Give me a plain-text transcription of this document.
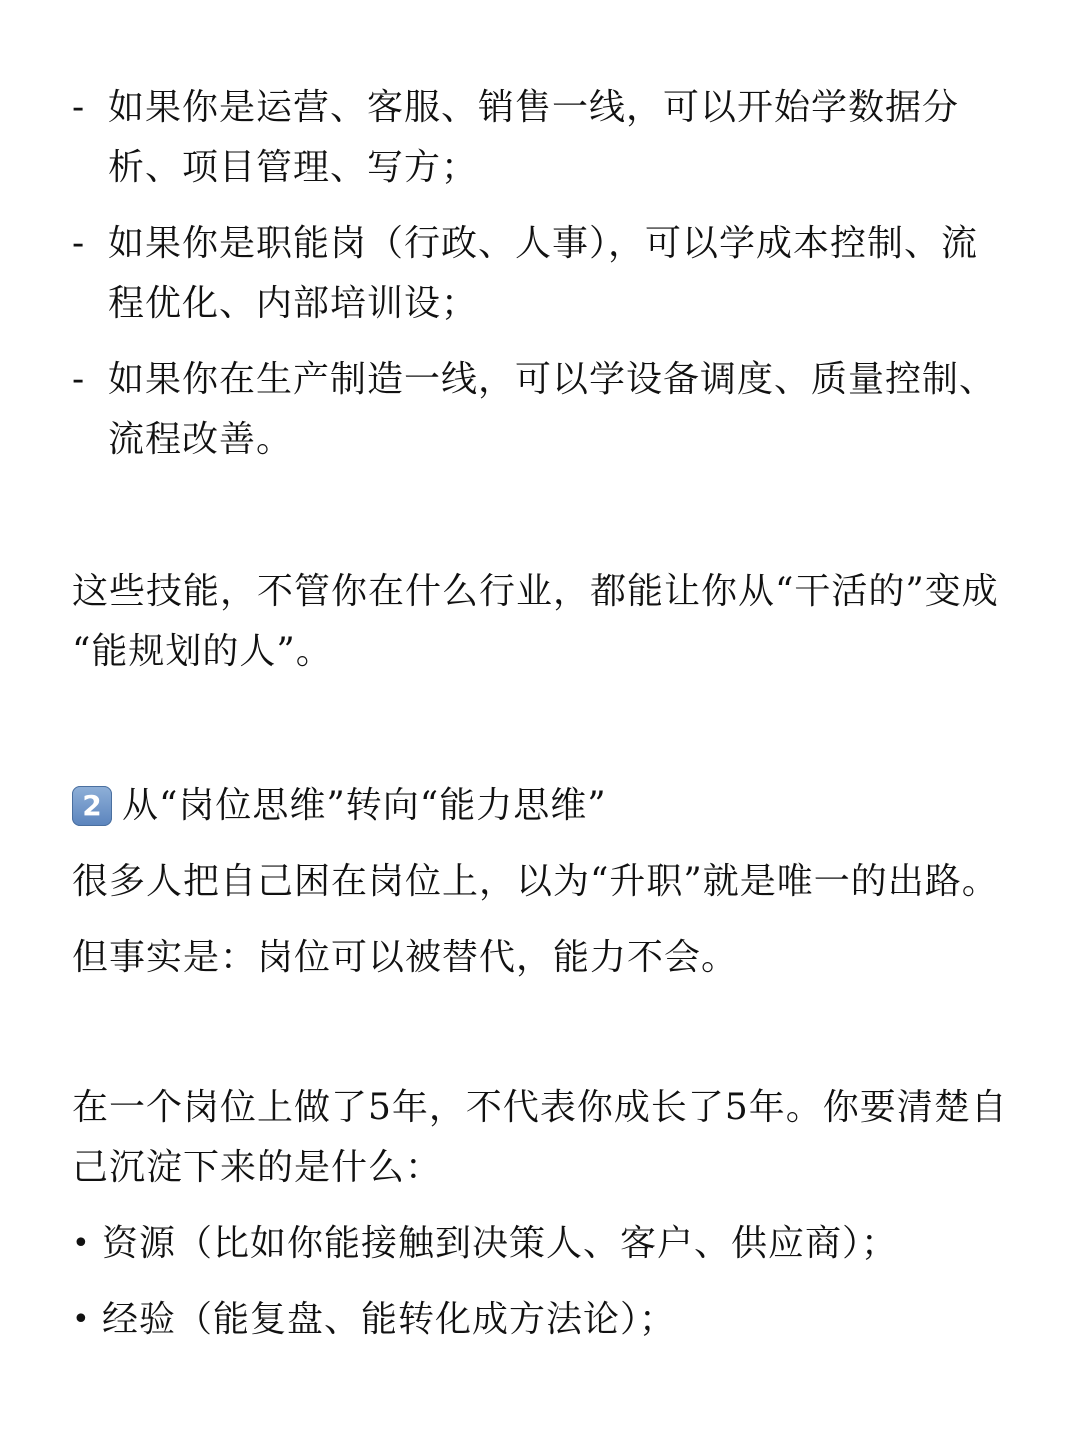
- 如果你是运营、客服、销售一线，可以开始学数据分
析、项目管理、写方；
- 如果你是职能岗（行政、人事），可以学成本控制、流
程优化、内部培训设；
- 如果你在生产制造一线，可以学设备调度、质量控制、
流程改善。
这些技能，不管你在什么行业，都能让你从“干活的”变成
“能规划的人”。
2 从“岗位思维”转向“能力思维”
很多人把自己困在岗位上，以为“升职”就是唯一的出路。
但事实是：岗位可以被替代，能力不会。
在一个岗位上做了5年，不代表你成长了5年。你要清楚自
己沉淀下来的是什么：
• 资源（比如你能接触到决策人、客户、供应商）；
• 经验（能复盘、能转化成方法论）；
